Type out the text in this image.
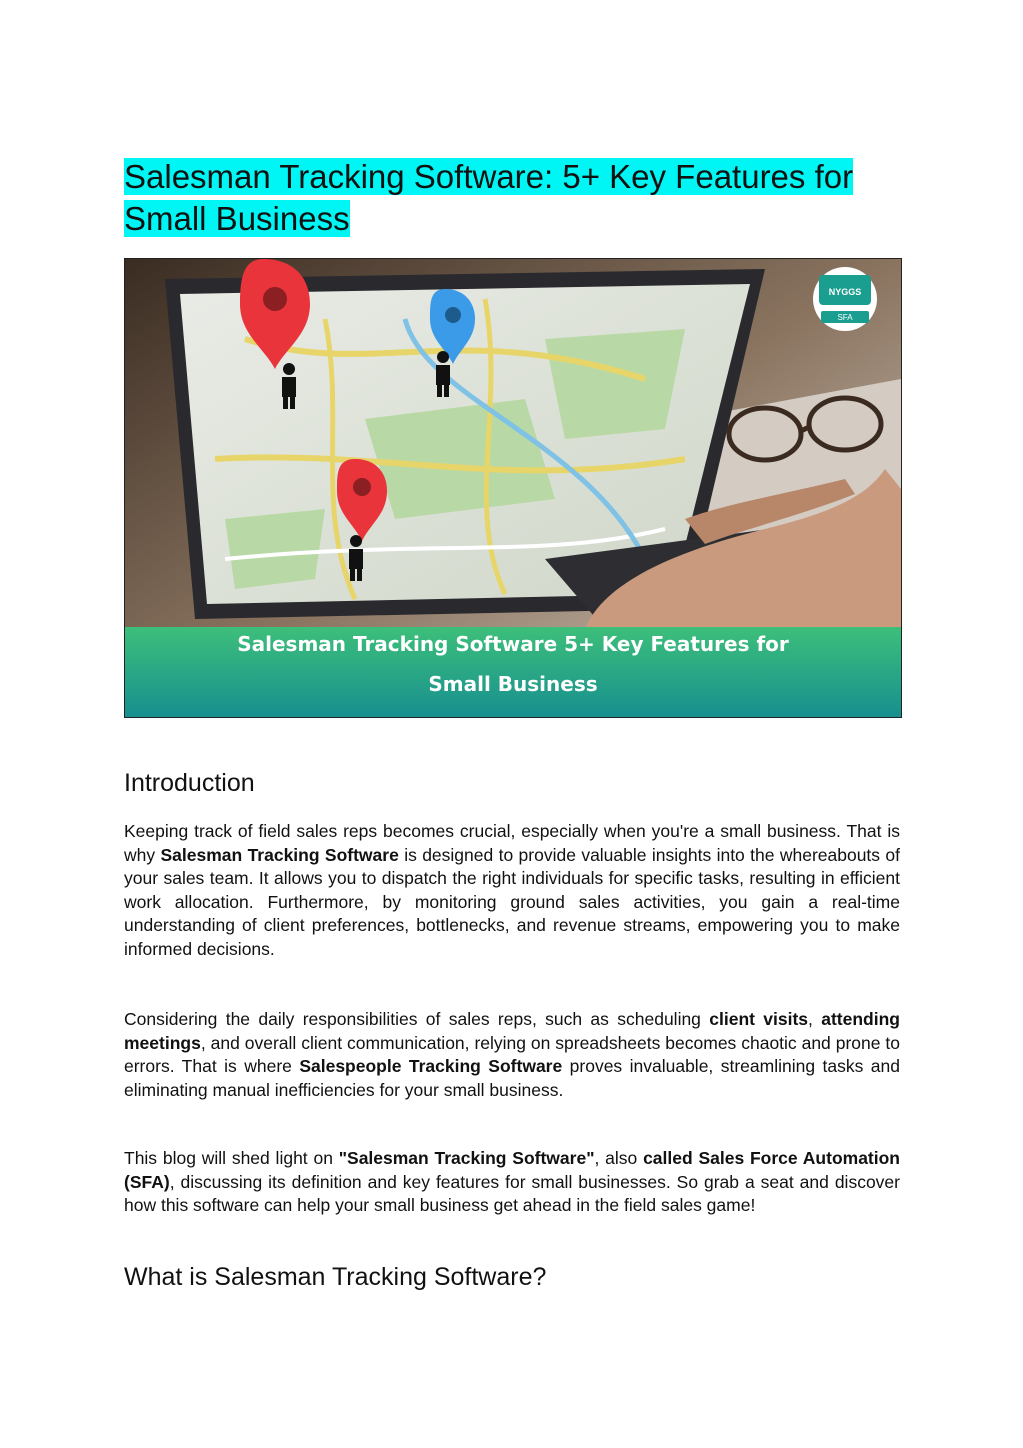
Salesman Tracking Software: 5+ Key Features for Small Business
NYGGS
SFA
Salesman Tracking Software 5+ Key Features for
Small Business
Introduction

Keeping track of field sales reps becomes crucial, especially when you're a small business. That is why Salesman Tracking Software is designed to provide valuable insights into the whereabouts of your sales team. It allows you to dispatch the right individuals for specific tasks, resulting in efficient work allocation. Furthermore, by monitoring ground sales activities, you gain a real-time understanding of client preferences, bottlenecks, and revenue streams, empowering you to make informed decisions.

Considering the daily responsibilities of sales reps, such as scheduling client visits, attending meetings, and overall client communication, relying on spreadsheets becomes chaotic and prone to errors. That is where Salespeople Tracking Software proves invaluable, streamlining tasks and eliminating manual inefficiencies for your small business.

This blog will shed light on "Salesman Tracking Software", also called Sales Force Automation (SFA), discussing its definition and key features for small businesses. So grab a seat and discover how this software can help your small business get ahead in the field sales game!

What is Salesman Tracking Software?
